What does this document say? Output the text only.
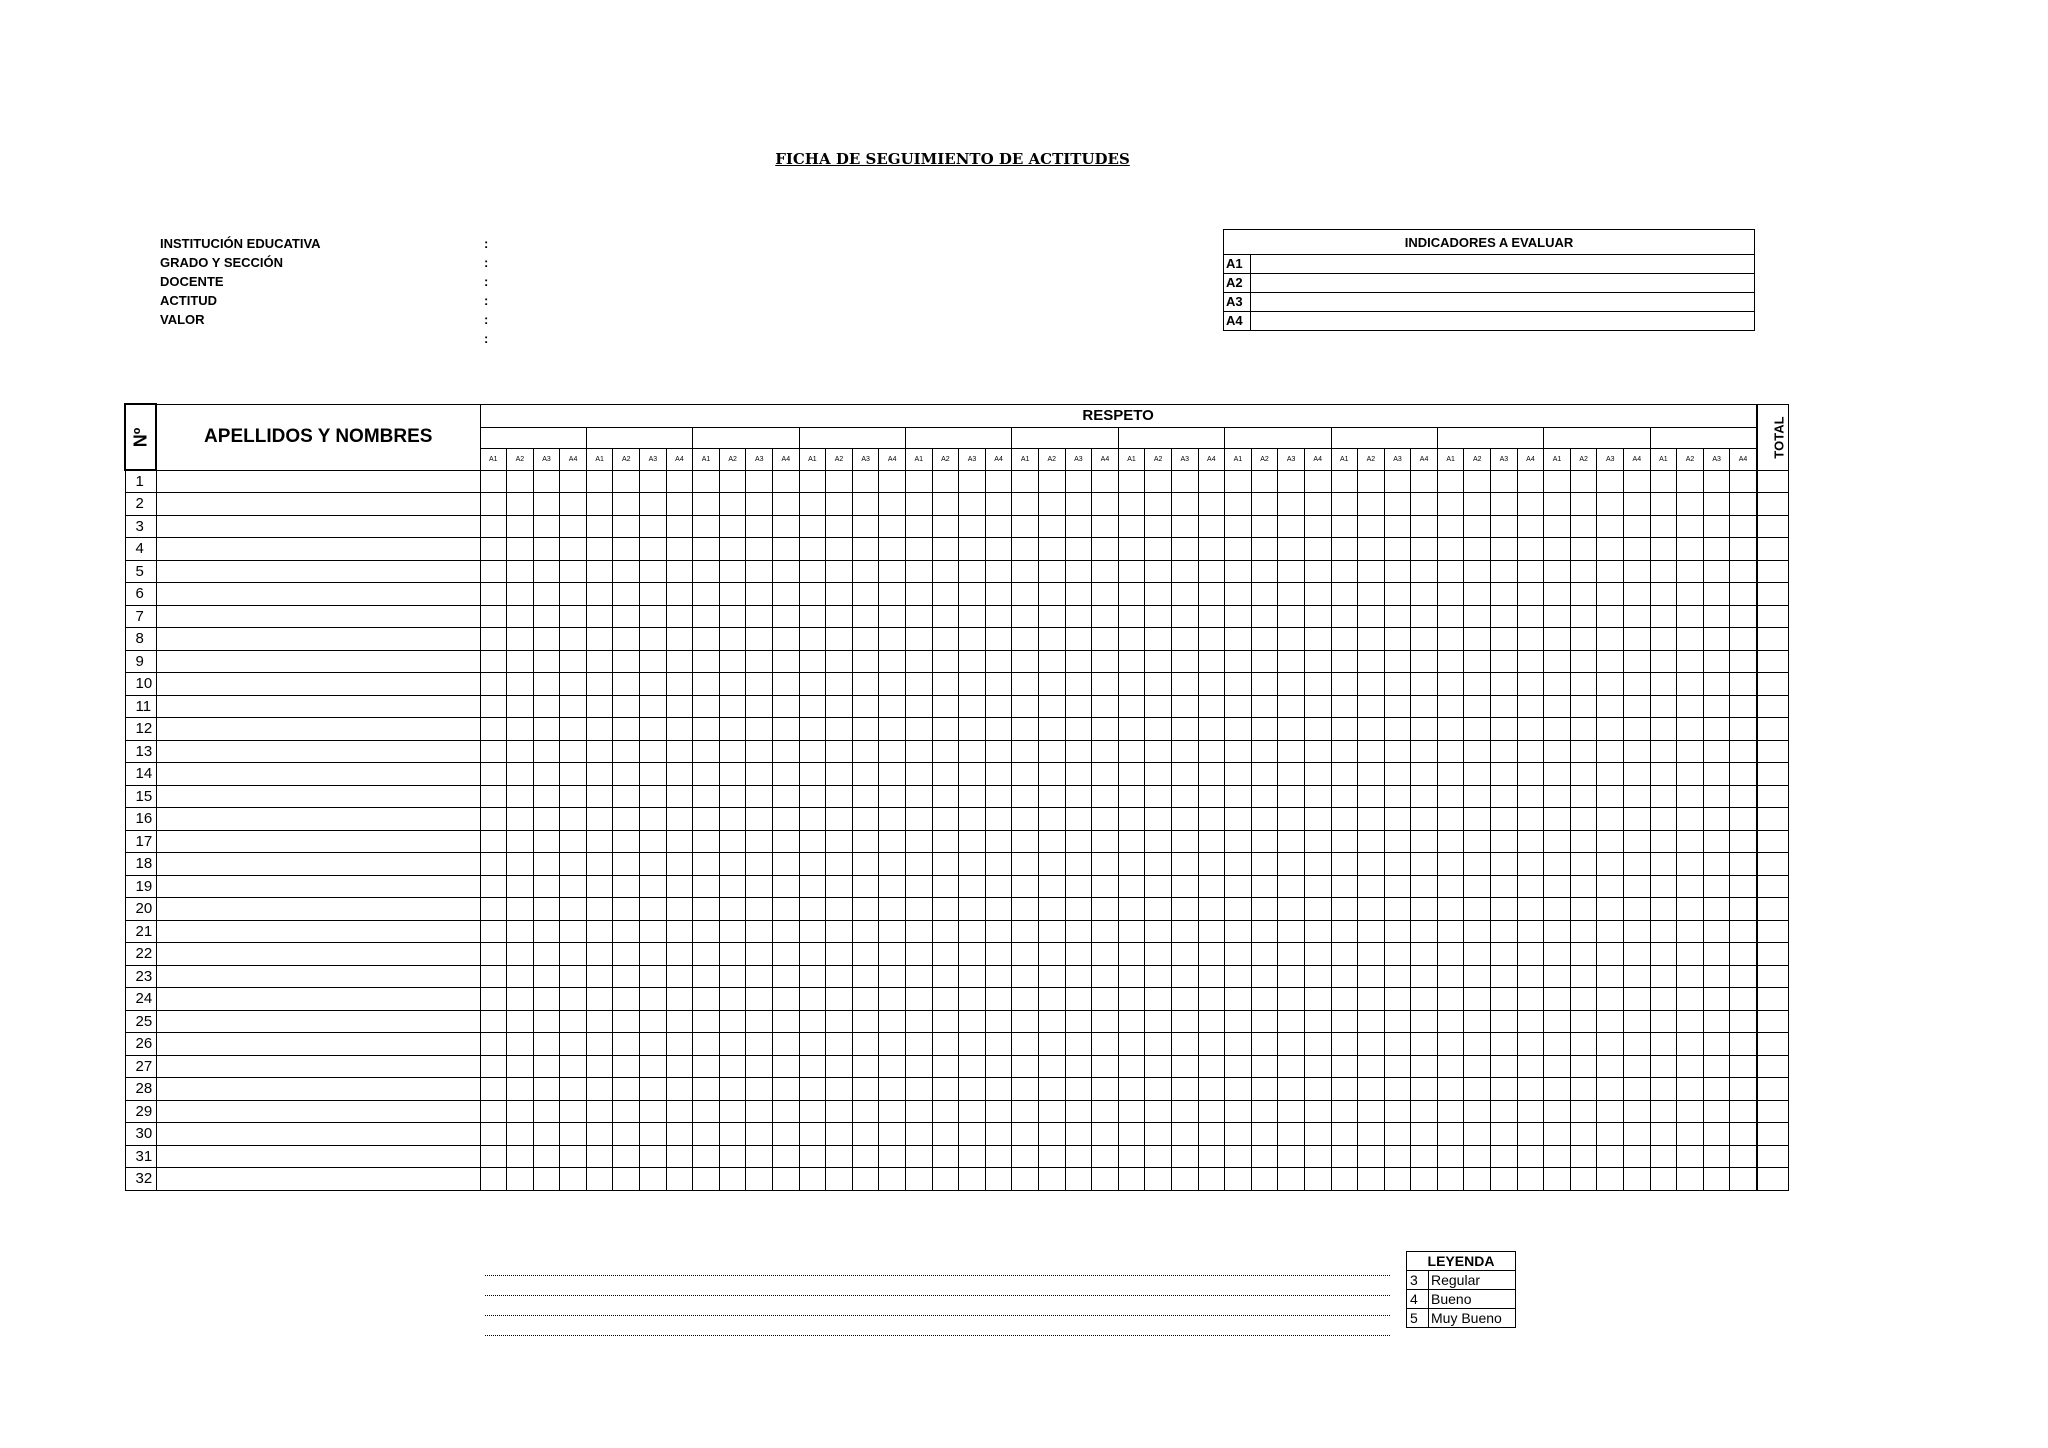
FICHA DE SEGUIMIENTO DE ACTITUDES
INSTITUCIÓN EDUCATIVA	:
GRADO Y SECCIÓN	:
DOCENTE	:
ACTITUD	:
VALOR	:
:
INDICADORES A EVALUAR
A1
A2
A3
A4
Nº	APELLIDOS Y NOMBRES	RESPETO																																																TOTAL

		A1	A2	A3	A4	A1	A2	A3	A4	A1	A2	A3	A4	A1	A2	A3	A4	A1	A2	A3	A4	A1	A2	A3	A4	A1	A2	A3	A4	A1	A2	A3	A4	A1	A2	A3	A4	A1	A2	A3	A4	A1	A2	A3	A4	A1	A2	A3	A4	
1																																																		
2																																																		
3																																																		
4																																																		
5																																																		
6																																																		
7																																																		
8																																																		
9																																																		
10																																																		
11																																																		
12																																																		
13																																																		
14																																																		
15																																																		
16																																																		
17																																																		
18																																																		
19																																																		
20																																																		
21																																																		
22																																																		
23																																																		
24																																																		
25																																																		
26																																																		
27																																																		
28																																																		
29																																																		
30																																																		
31																																																		
32																																																		
LEYENDA
3 Regular
4 Bueno
5 Muy Bueno
